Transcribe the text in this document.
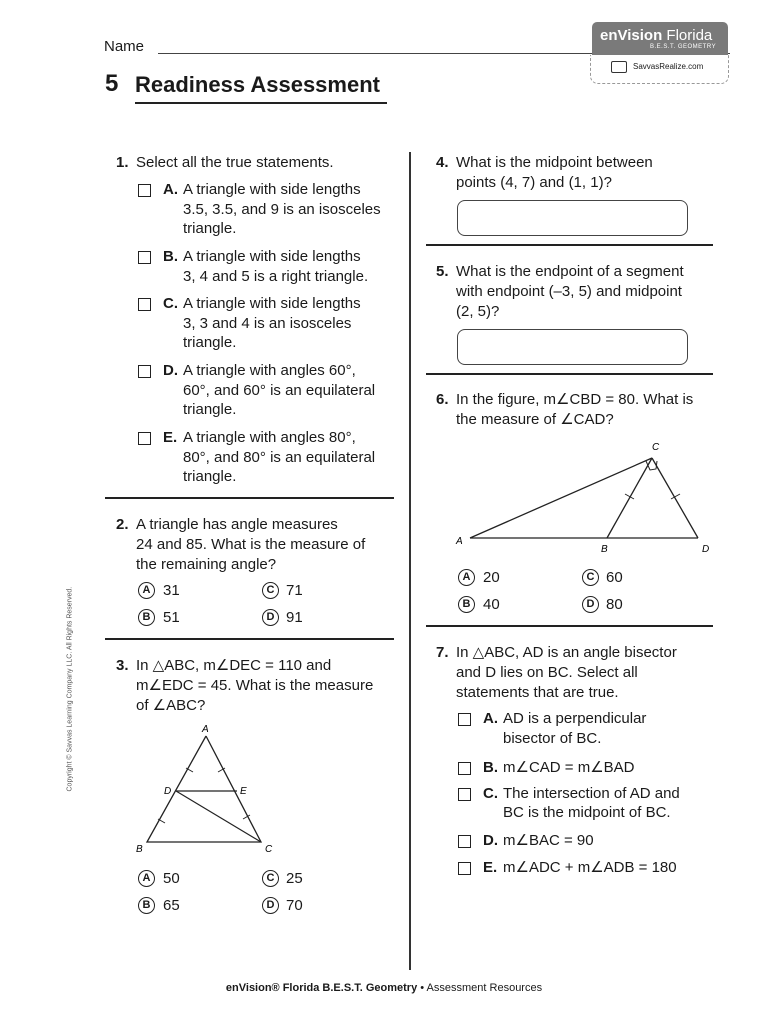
Name
enVision Florida
B.E.S.T. GEOMETRY
SavvasRealize.com
5 Readiness Assessment
1. Select all the true statements.
A. A triangle with side lengths
3.5, 3.5, and 9 is an isosceles
triangle.
B. A triangle with side lengths
3, 4 and 5 is a right triangle.
C. A triangle with side lengths
3, 3 and 4 is an isosceles
triangle.
D. A triangle with angles 60°,
60°, and 60° is an equilateral
triangle.
E. A triangle with angles 80°,
80°, and 80° is an equilateral
triangle.
2. A triangle has angle measures
24 and 85. What is the measure of
the remaining angle?
A 31	C 71
B 51	D 91
3. In △ABC, m∠DEC = 110 and
m∠EDC = 45. What is the measure
of ∠ABC?
A
D	E
B	C
A 50	C 25
B 65	D 70
4. What is the midpoint between
points (4, 7) and (1, 1)?
5. What is the endpoint of a segment
with endpoint (–3, 5) and midpoint
(2, 5)?
6. In the figure, m∠CBD = 80. What is
the measure of ∠CAD?
C
A
B	D
A 20	C 60
B 40	D 80
7. In △ABC, AD is an angle bisector
and D lies on BC. Select all
statements that are true.
A. AD is a perpendicular
bisector of BC.
B. m∠CAD = m∠BAD
C. The intersection of AD and
BC is the midpoint of BC.
D. m∠BAC = 90
E. m∠ADC + m∠ADB = 180
Copyright © Savvas Learning Company LLC. All Rights Reserved.
enVision® Florida B.E.S.T. Geometry • Assessment Resources
